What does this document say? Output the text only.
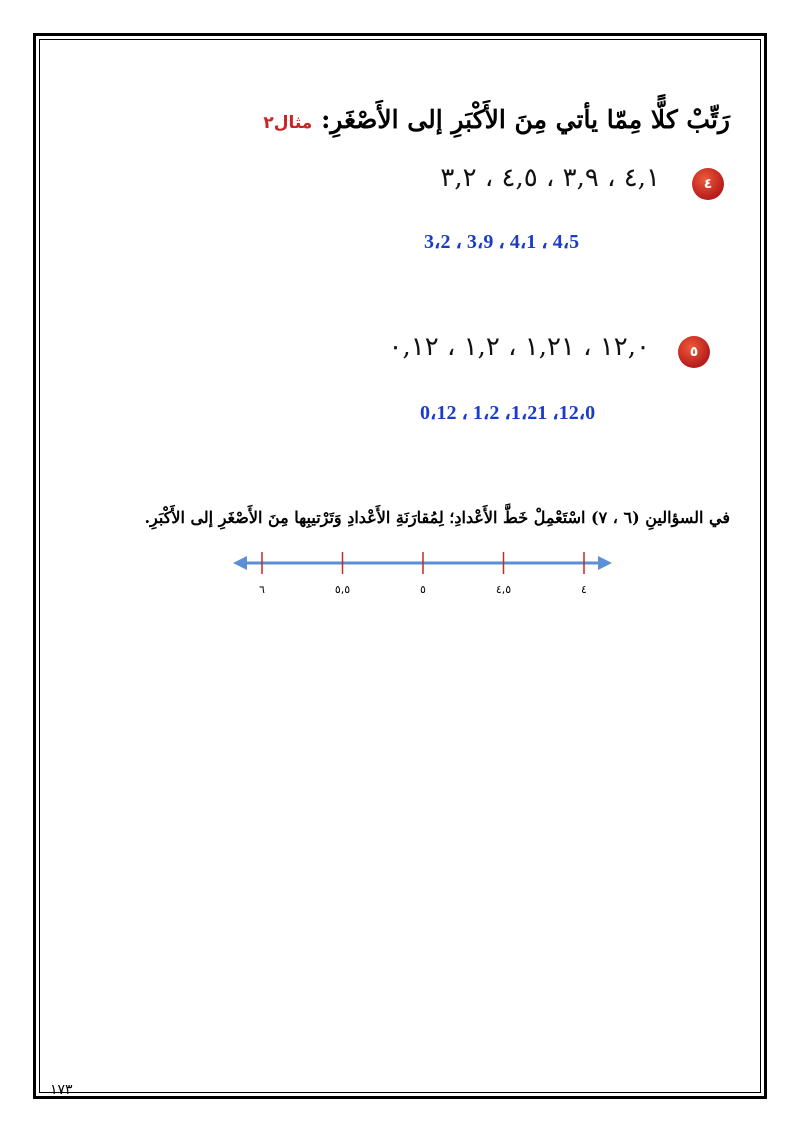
رَتِّبْ كلًّا مِمّا يأتي مِنَ الأَكْبَرِ إلى الأَصْغَرِ: مثال٢
٤
٤,١ ، ٣,٩ ، ٤,٥ ، ٣,٢
3،2 ، 3،9 ، 4،1 ، 4،5
٥
١٢,٠ ، ١,٢١ ، ١,٢ ، ٠,١٢
0،12 ، 1،2 ،1،21 ،12،0
في السؤالينِ (٦ ، ٧) اسْتَعْمِلْ خَطَّ الأَعْدادِ؛ لِمُقارَنَةِ الأَعْدادِ وَتَرْتيبِها مِنَ الأَصْغَرِ إلى الأَكْبَرِ.
٤
٤,٥
٥
٥,٥
٦
١٧٣
